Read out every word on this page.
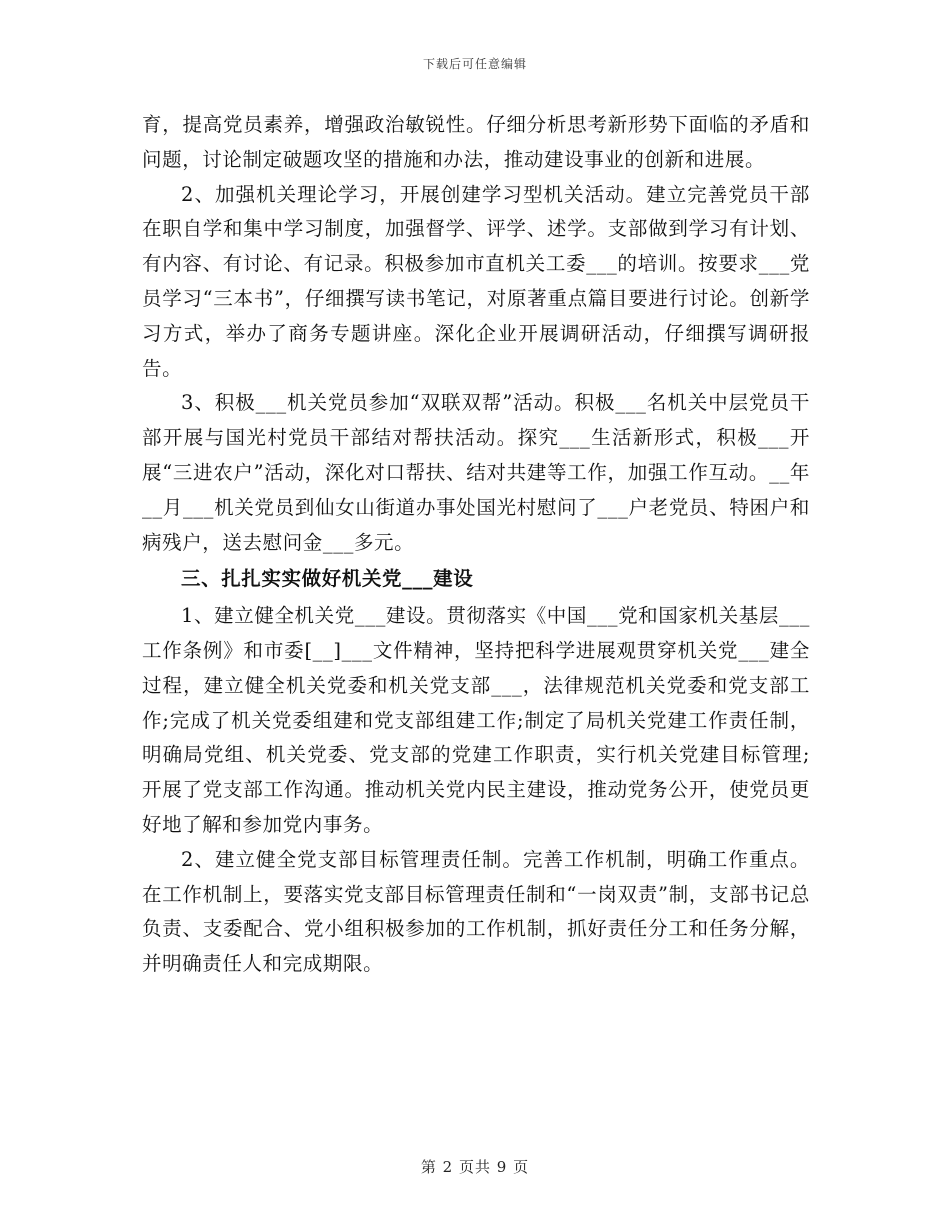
下载后可任意编辑

育，提高党员素养，增强政治敏锐性。仔细分析思考新形势下面临的矛盾和问题，讨论制定破题攻坚的措施和办法，推动建设事业的创新和进展。

2、加强机关理论学习，开展创建学习型机关活动。建立完善党员干部在职自学和集中学习制度，加强督学、评学、述学。支部做到学习有计划、有内容、有讨论、有记录。积极参加市直机关工委___的培训。按要求___党员学习“三本书”，仔细撰写读书笔记，对原著重点篇目要进行讨论。创新学习方式，举办了商务专题讲座。深化企业开展调研活动，仔细撰写调研报告。

3、积极___机关党员参加“双联双帮”活动。积极___名机关中层党员干部开展与国光村党员干部结对帮扶活动。探究___生活新形式，积极___开展“三进农户”活动，深化对口帮扶、结对共建等工作，加强工作互动。__年__月___机关党员到仙女山街道办事处国光村慰问了___户老党员、特困户和病残户，送去慰问金___多元。

三、扎扎实实做好机关党___建设

1、建立健全机关党___建设。贯彻落实《中国___党和国家机关基层___工作条例》和市委[__]___文件精神，坚持把科学进展观贯穿机关党___建全过程，建立健全机关党委和机关党支部___，法律规范机关党委和党支部工作;完成了机关党委组建和党支部组建工作;制定了局机关党建工作责任制，明确局党组、机关党委、党支部的党建工作职责，实行机关党建目标管理;开展了党支部工作沟通。推动机关党内民主建设，推动党务公开，使党员更好地了解和参加党内事务。

2、建立健全党支部目标管理责任制。完善工作机制，明确工作重点。在工作机制上，要落实党支部目标管理责任制和“一岗双责”制，支部书记总负责、支委配合、党小组积极参加的工作机制，抓好责任分工和任务分解，并明确责任人和完成期限。

第 2 页共 9 页
